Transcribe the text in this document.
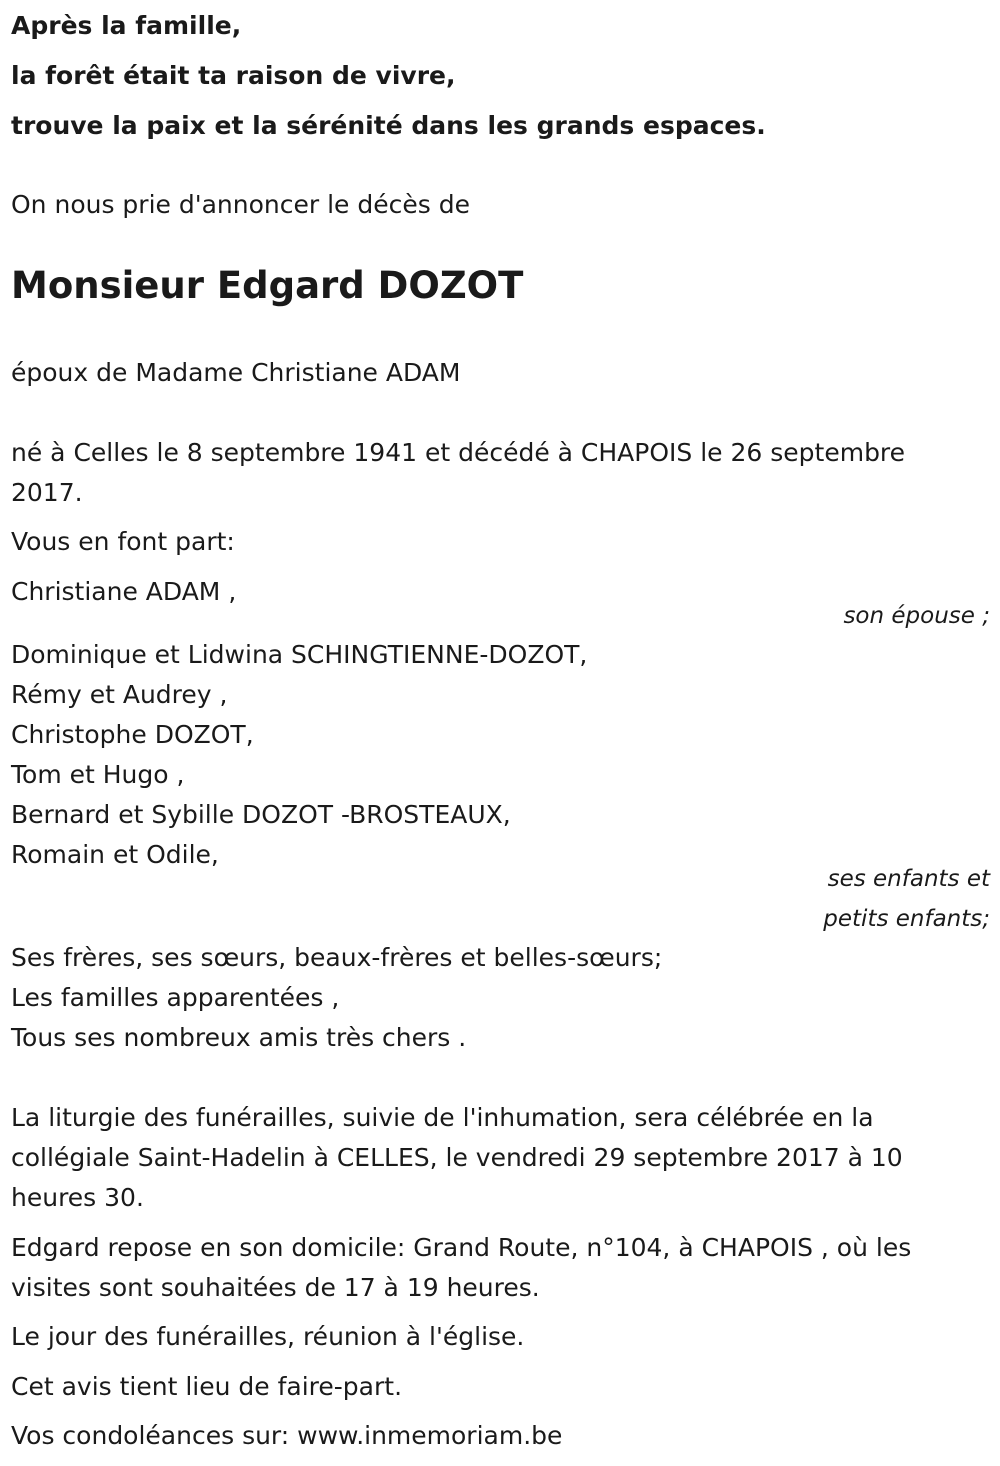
Après la famille,
la forêt était ta raison de vivre,
trouve la paix et la sérénité dans les grands espaces.
On nous prie d'annoncer le décès de
Monsieur Edgard DOZOT
époux de Madame Christiane ADAM
né à Celles le 8 septembre 1941 et décédé à CHAPOIS le 26 septembre
2017.
Vous en font part:
Christiane ADAM ,
son épouse ;
Dominique et Lidwina SCHINGTIENNE-DOZOT,
Rémy et Audrey ,
Christophe DOZOT,
Tom et Hugo ,
Bernard et Sybille DOZOT -BROSTEAUX,
Romain et Odile,
ses enfants et
petits enfants;
Ses frères, ses sœurs, beaux-frères et belles-sœurs;
Les familles apparentées ,
Tous ses nombreux amis très chers .
La liturgie des funérailles, suivie de l'inhumation, sera célébrée en la
collégiale Saint-Hadelin à CELLES, le vendredi 29 septembre 2017 à 10
heures 30.
Edgard repose en son domicile: Grand Route, n°104, à CHAPOIS , où les
visites sont souhaitées de 17 à 19 heures.
Le jour des funérailles, réunion à l'église.
Cet avis tient lieu de faire-part.
Vos condoléances sur: www.inmemoriam.be
